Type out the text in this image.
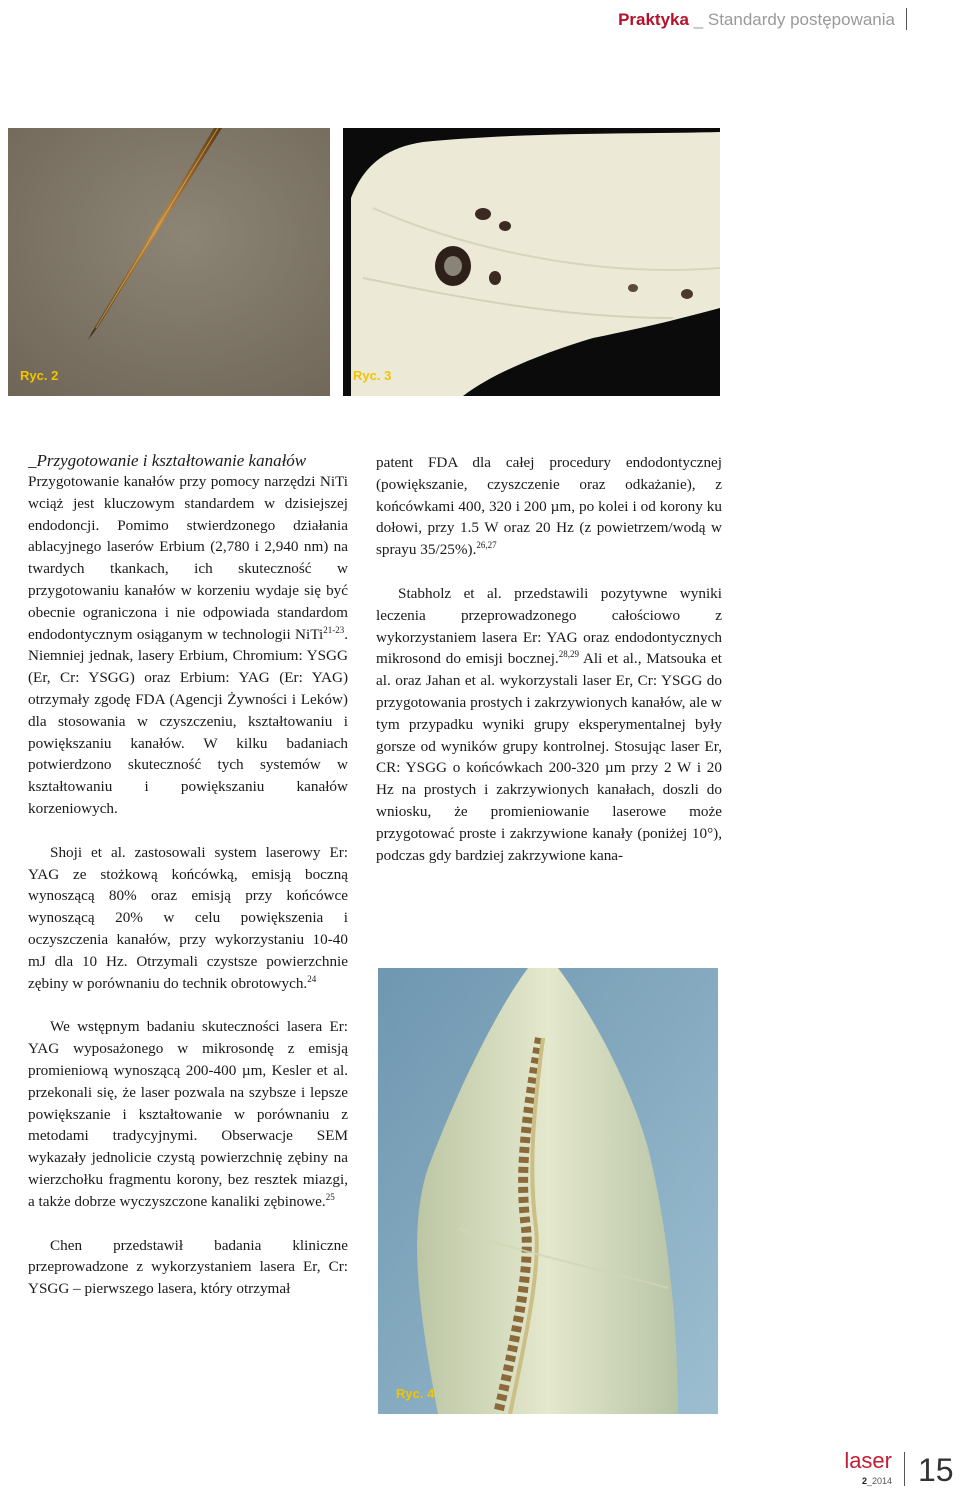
Praktyka _ Standardy postępowania
Ryc. 2	Ryc. 3

_Przygotowanie i kształtowanie kanałów

Przygotowanie kanałów przy pomocy narzędzi NiTi wciąż jest kluczowym standardem w dzisiejszej endodoncji. Pomimo stwierdzonego działania ablacyjnego laserów Erbium (2,780 i 2,940 nm) na twardych tkankach, ich skuteczność w przygotowaniu kanałów w korzeniu wydaje się być obecnie ograniczona i nie odpowiada standardom endodontycznym osiąganym w technologii NiTi$^{21-23}$. Niemniej jednak, lasery Erbium, Chromium: YSGG (Er, Cr: YSGG) oraz Erbium: YAG (Er: YAG) otrzymały zgodę FDA (Agencji Żywności i Leków) dla stosowania w czyszczeniu, kształtowaniu i powiększaniu kanałów. W kilku badaniach potwierdzono skuteczność tych systemów w kształtowaniu i powiększaniu kanałów korzeniowych.

Shoji et al. zastosowali system laserowy Er: YAG ze stożkową końcówką, emisją boczną wynoszącą 80% oraz emisją przy końcówce wynoszącą 20% w celu powiększenia i oczyszczenia kanałów, przy wykorzystaniu 10-40 mJ dla 10 Hz. Otrzymali czystsze powierzchnie zębiny w porównaniu do technik obrotowych.$^{24}$

We wstępnym badaniu skuteczności lasera Er: YAG wyposażonego w mikrosondę z emisją promieniową wynoszącą 200-400 µm, Kesler et al. przekonali się, że laser pozwala na szybsze i lepsze powiększanie i kształtowanie w porównaniu z metodami tradycyjnymi. Obserwacje SEM wykazały jednolicie czystą powierzchnię zębiny na wierzchołku fragmentu korony, bez resztek miazgi, a także dobrze wyczyszczone kanaliki zębinowe.$^{25}$

Chen przedstawił badania kliniczne przeprowadzone z wykorzystaniem lasera Er, Cr: YSGG – pierwszego lasera, który otrzymał

patent FDA dla całej procedury endodontycznej (powiększanie, czyszczenie oraz odkażanie), z końcówkami 400, 320 i 200 µm, po kolei i od korony ku dołowi, przy 1.5 W oraz 20 Hz (z powietrzem/wodą w sprayu 35/25%).$^{26,27}$

Stabholz et al. przedstawili pozytywne wyniki leczenia przeprowadzonego całościowo z wykorzystaniem lasera Er: YAG oraz endodontycznych mikrosond do emisji bocznej.$^{28,29}$ Ali et al., Matsouka et al. oraz Jahan et al. wykorzystali laser Er, Cr: YSGG do przygotowania prostych i zakrzywionych kanałów, ale w tym przypadku wyniki grupy eksperymentalnej były gorsze od wyników grupy kontrolnej. Stosując laser Er, CR: YSGG o końcówkach 200-320 µm przy 2 W i 20 Hz na prostych i zakrzywionych kanałach, doszli do wniosku, że promieniowanie laserowe może przygotować proste i zakrzywione kanały (poniżej 10°), podczas gdy bardziej zakrzywione kana-

Ryc. 4
laser
2_2014 15
